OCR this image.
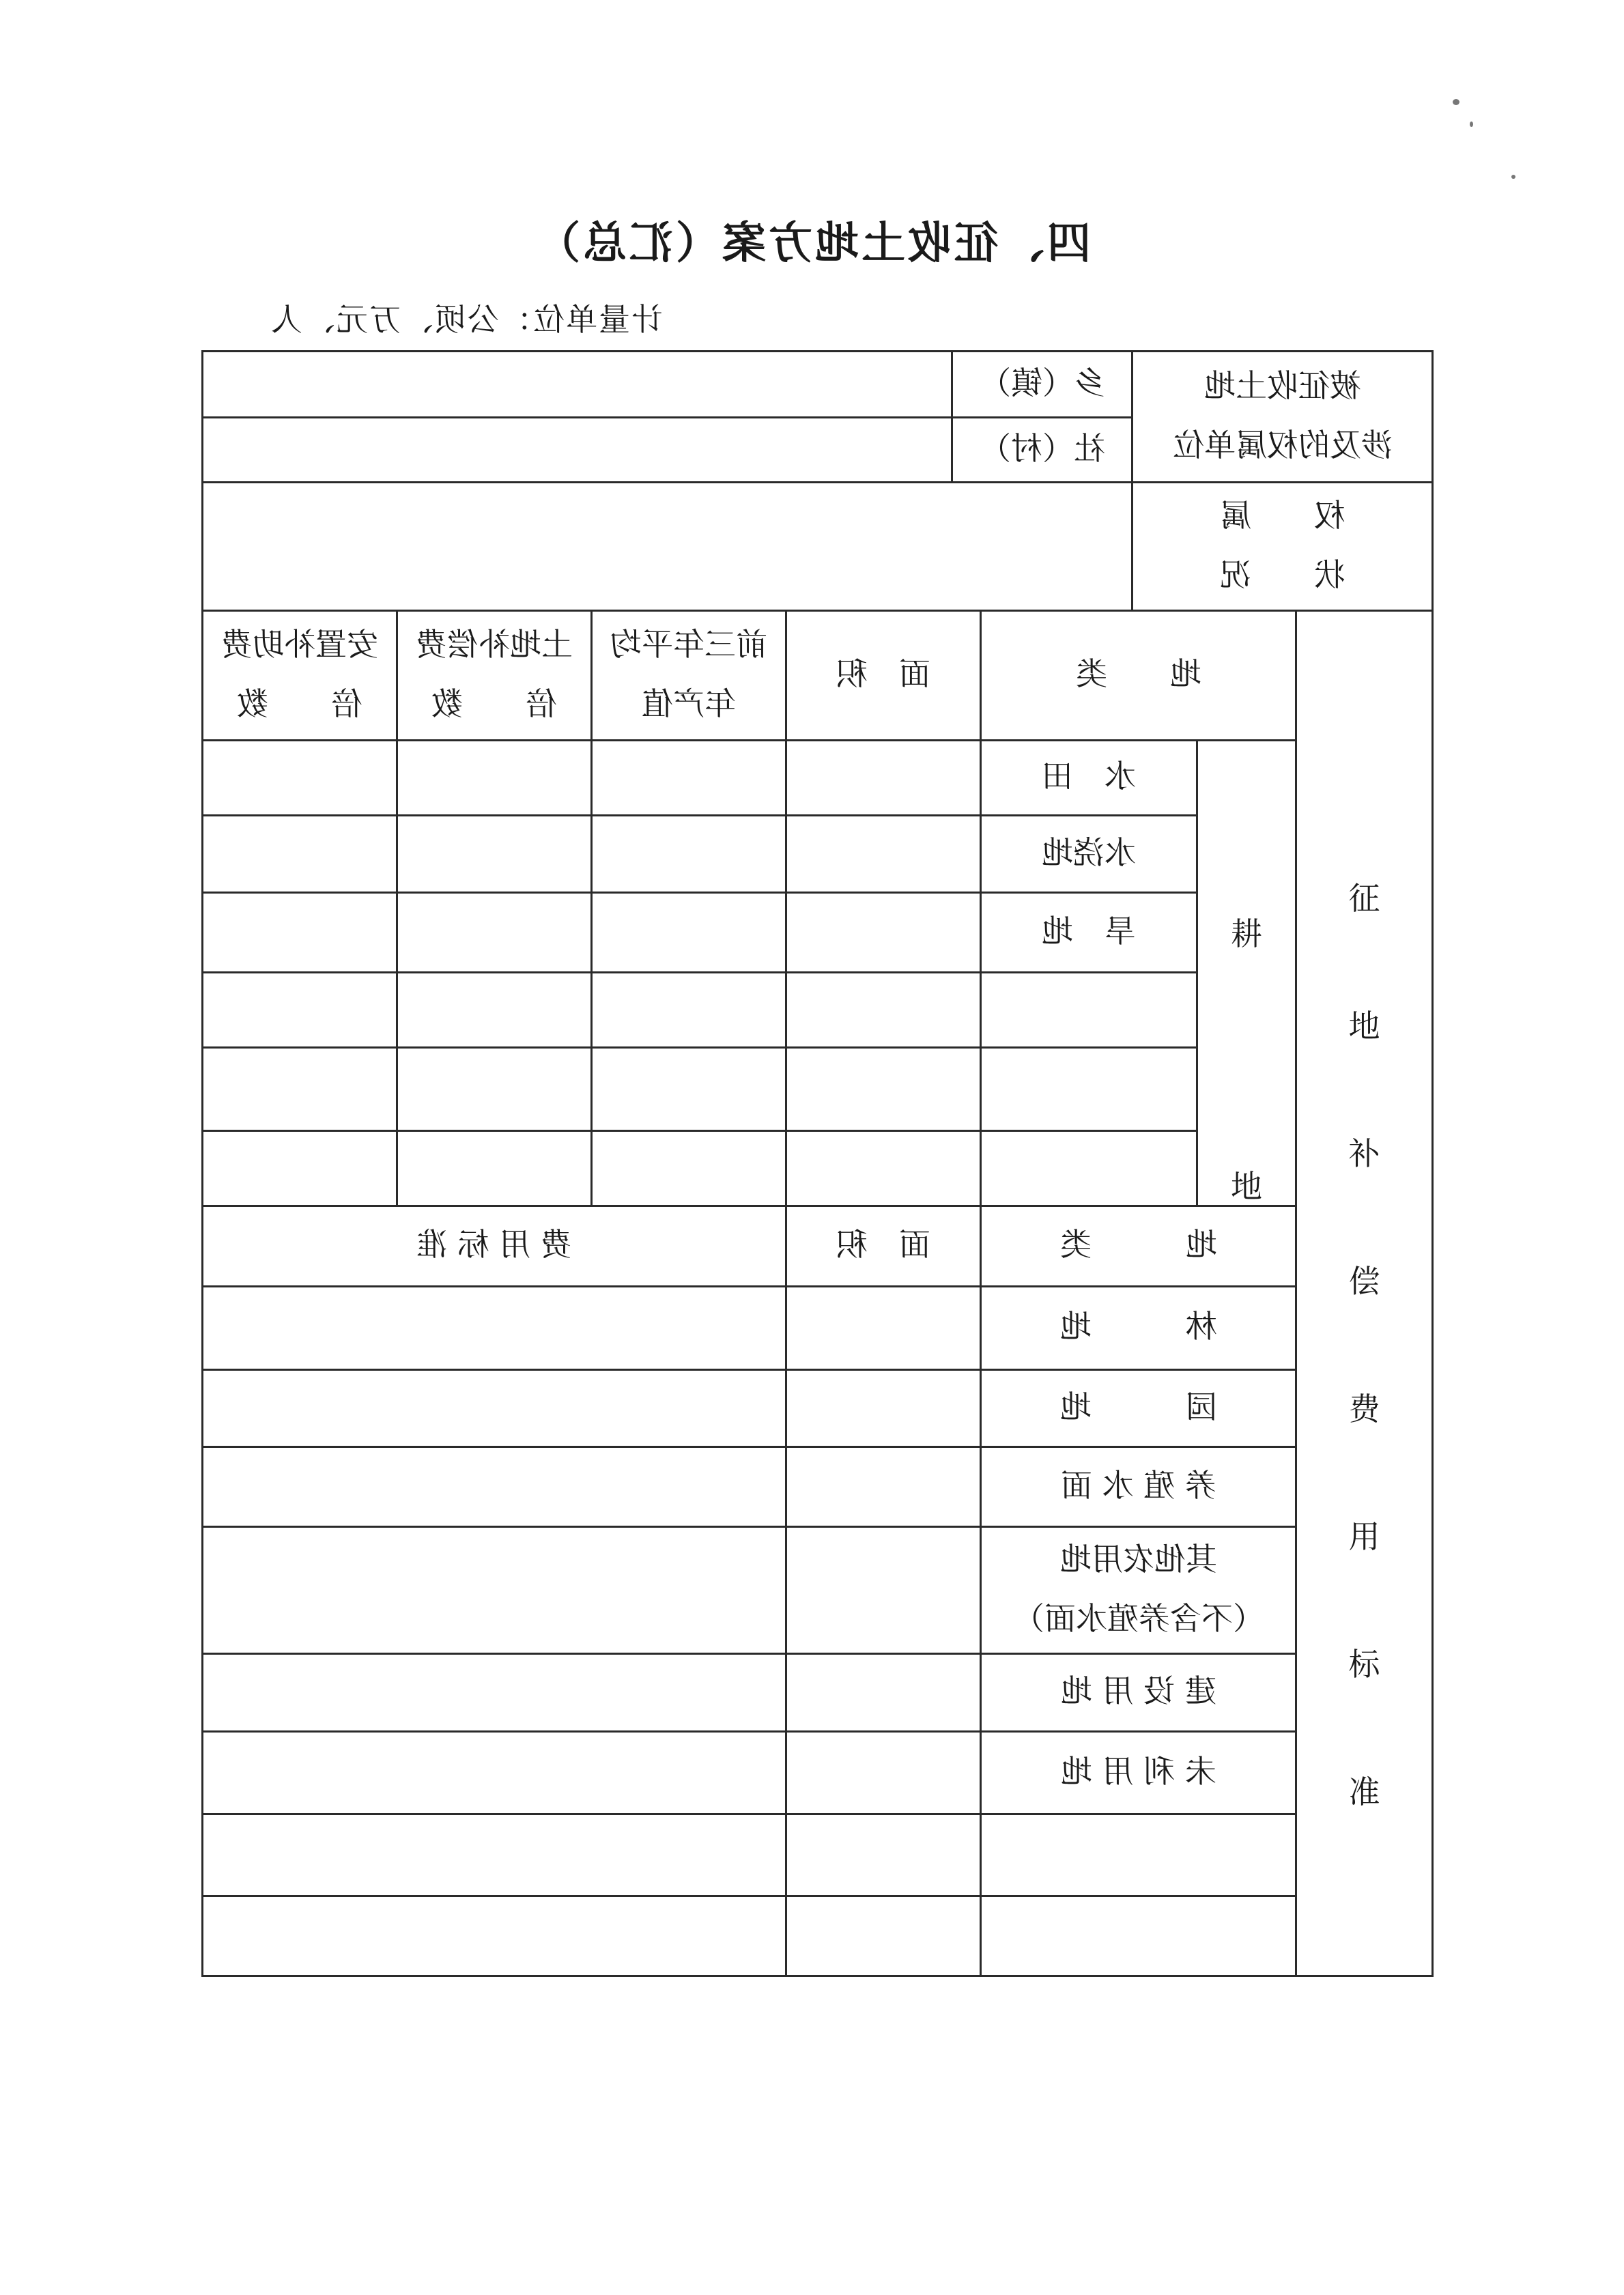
四、征收土地方案（汇总）
计量单位：公顷、万元、人
被征收土地
涉及的权属单位
乡（镇）
社（村）
权　　属
状　　况
征
地
补
偿
费
用
标
准
耕
地
地　　类
面　积
前三年平均
年产值
土地补偿费
倍　　数
安置补助费
倍　　数
水　田
水浇地
旱　地
地　　　类
面　积
费 用 标 准
林　　　地
园　　　地
养 殖 水 面
其他农用地
（不含养殖水面）
建 设 用 地
未 利 用 地
